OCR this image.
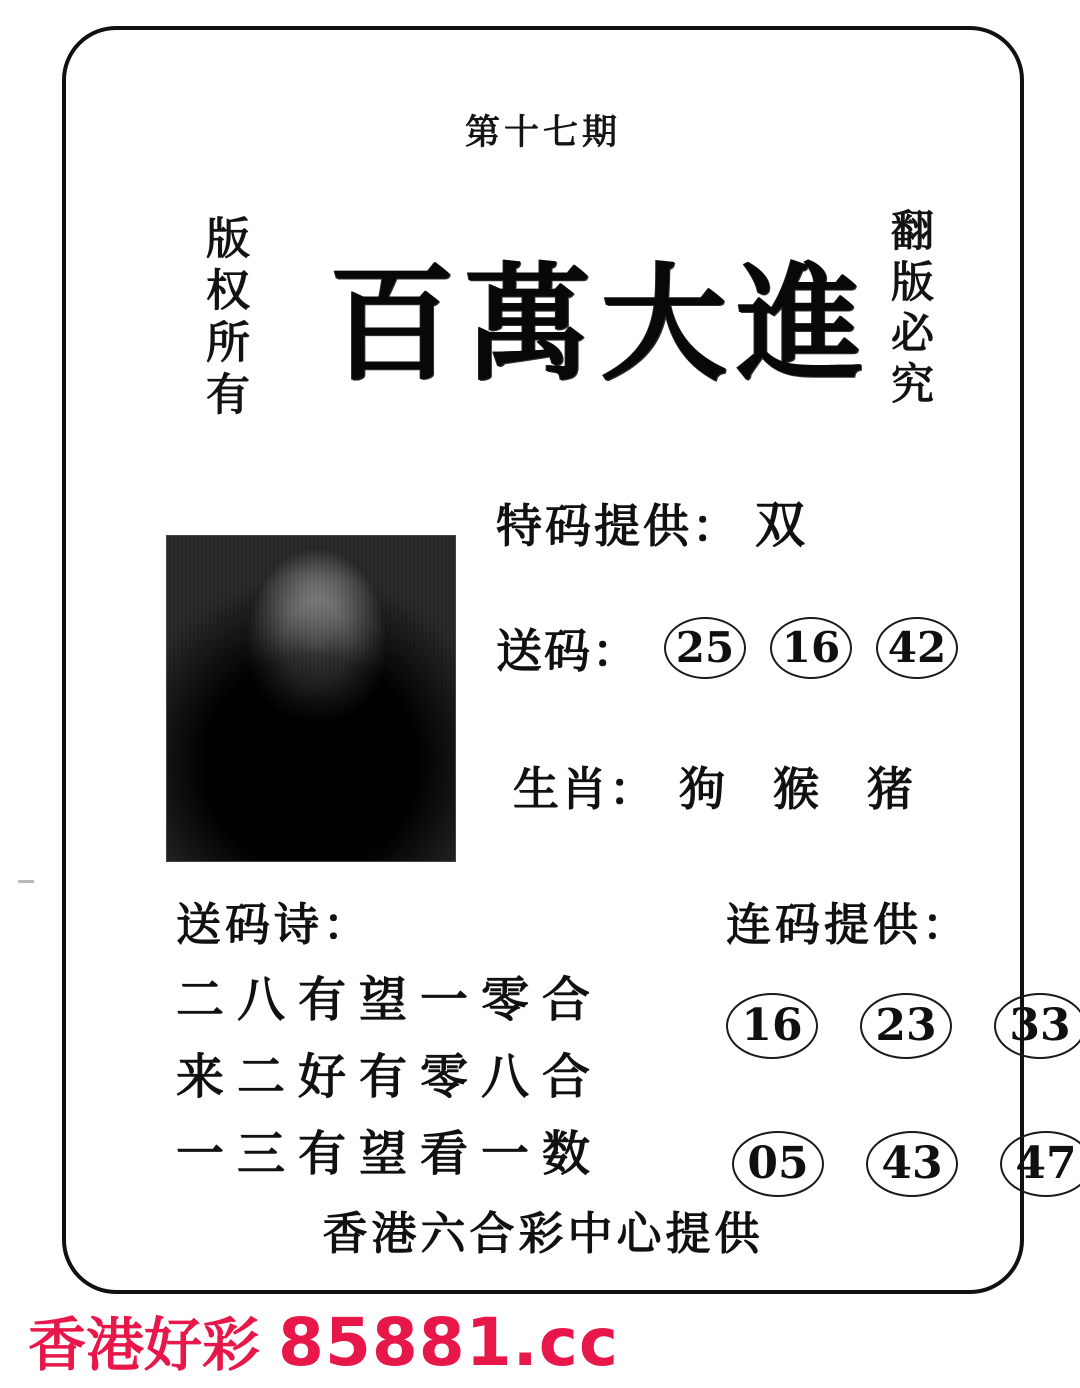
第十七期
版权所有	翻版必究
百萬大進
特码提供： 双
送码： 25 16 42
生肖： 狗 猴 猪
送码诗：
二八有望一零合
来二好有零八合
一三有望看一数
连码提供：
16	23	33
05	43	47
香港六合彩中心提供
香港好彩 85881.cc
